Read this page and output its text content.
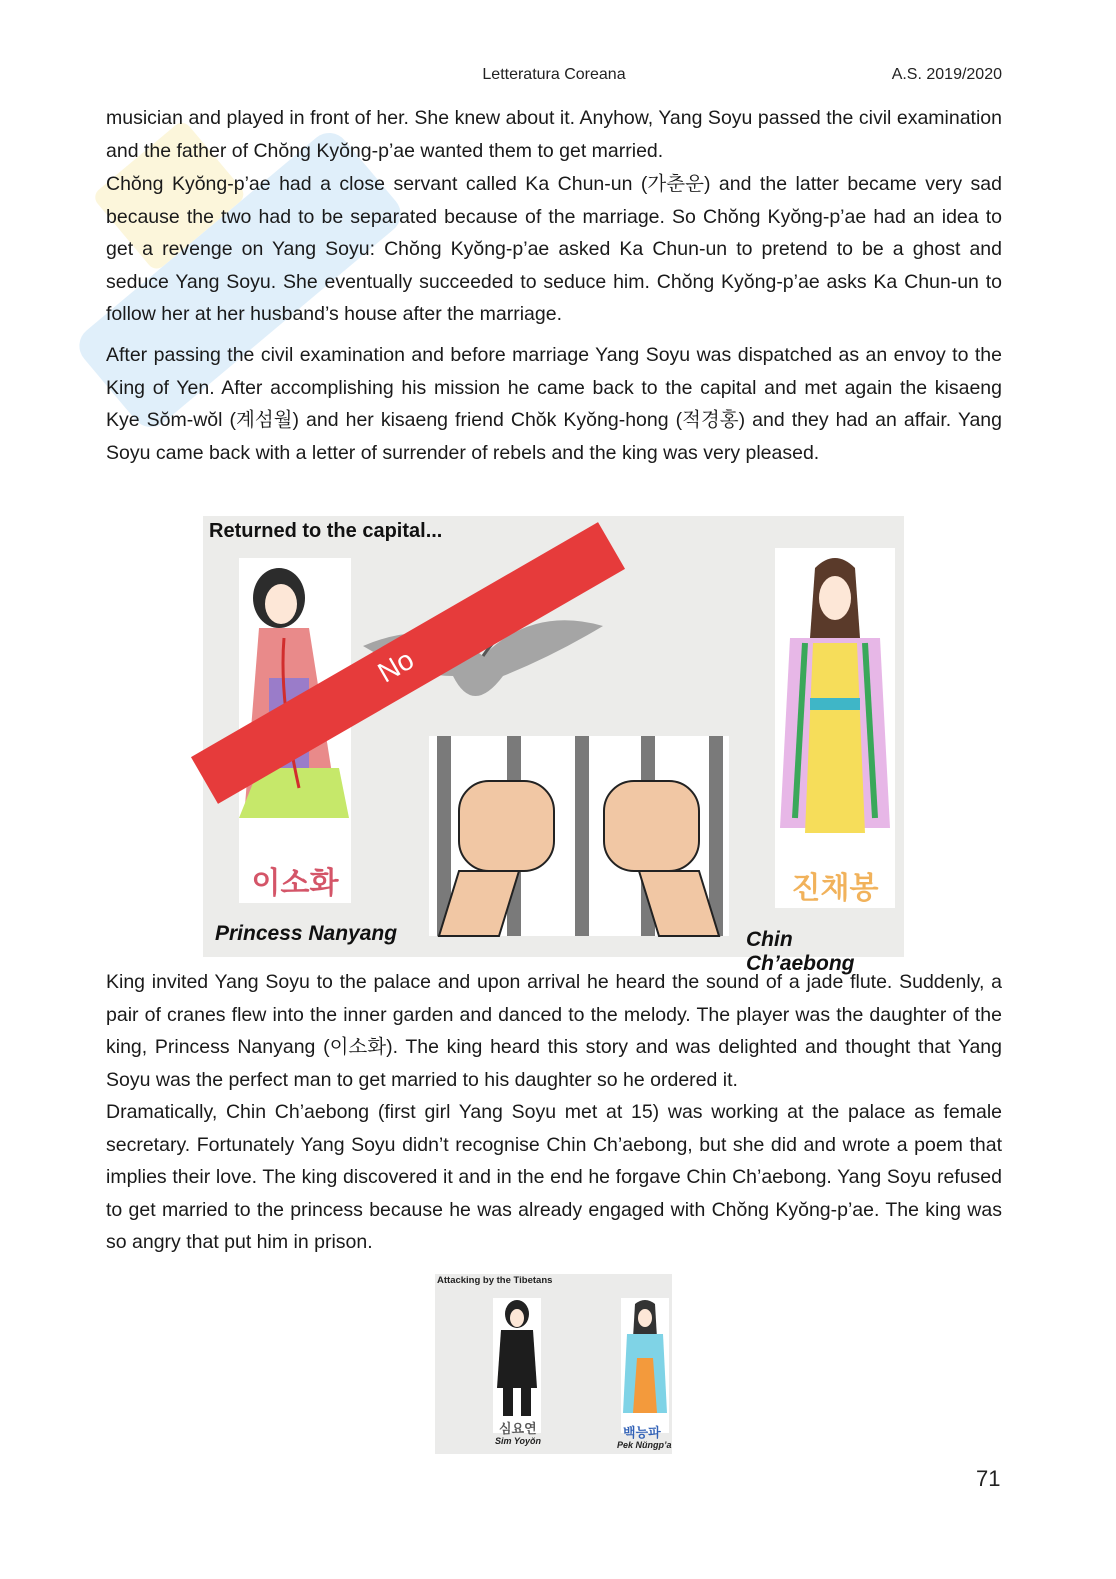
Letteratura Coreana	A.S. 2019/2020

musician and played in front of her. She knew about it. Anyhow, Yang Soyu passed the civil examination and the father of Chŏng Kyŏng-p’ae wanted them to get married.

Chŏng Kyŏng-p’ae had a close servant called Ka Chun-un (가춘운) and the latter became very sad because the two had to be separated because of the marriage. So Chŏng Kyŏng-p’ae had an idea to get a revenge on Yang Soyu: Chŏng Kyŏng-p’ae asked Ka Chun-un to pretend to be a ghost and seduce Yang Soyu. She eventually succeeded to seduce him. Chŏng Kyŏng-p’ae asks Ka Chun-un to follow her at her husband’s house after the marriage.

After passing the civil examination and before marriage Yang Soyu was dispatched as an envoy to the King of Yen. After accomplishing his mission he came back to the capital and met again the kisaeng Kye Sŏm-wŏl (계섬월) and her kisaeng friend Chŏk Kyŏng-hong (적경홍) and they had an affair. Yang Soyu came back with a letter of surrender of rebels and the king was very pleased.

Returned to the capital...
이소화
No
진채봉
Princess Nanyang	Chin Ch’aebong

King invited Yang Soyu to the palace and upon arrival he heard the sound of a jade flute. Suddenly, a pair of cranes flew into the inner garden and danced to the melody. The player was the daughter of the king, Princess Nanyang (이소화). The king heard this story and was delighted and thought that Yang Soyu was the perfect man to get married to his daughter so he ordered it.

Dramatically, Chin Ch’aebong (first girl Yang Soyu met at 15) was working at the palace as female secretary. Fortunately Yang Soyu didn’t recognise Chin Ch’aebong, but she did and wrote a poem that implies their love. The king discovered it and in the end he forgave Chin Ch’aebong. Yang Soyu refused to get married to the princess because he was already engaged with Chŏng Kyŏng-p’ae. The king was so angry that put him in prison.

Attacking by the Tibetans
심요연	백능파
Sim Yoyŏn	Pek Nŭngp’a
71
